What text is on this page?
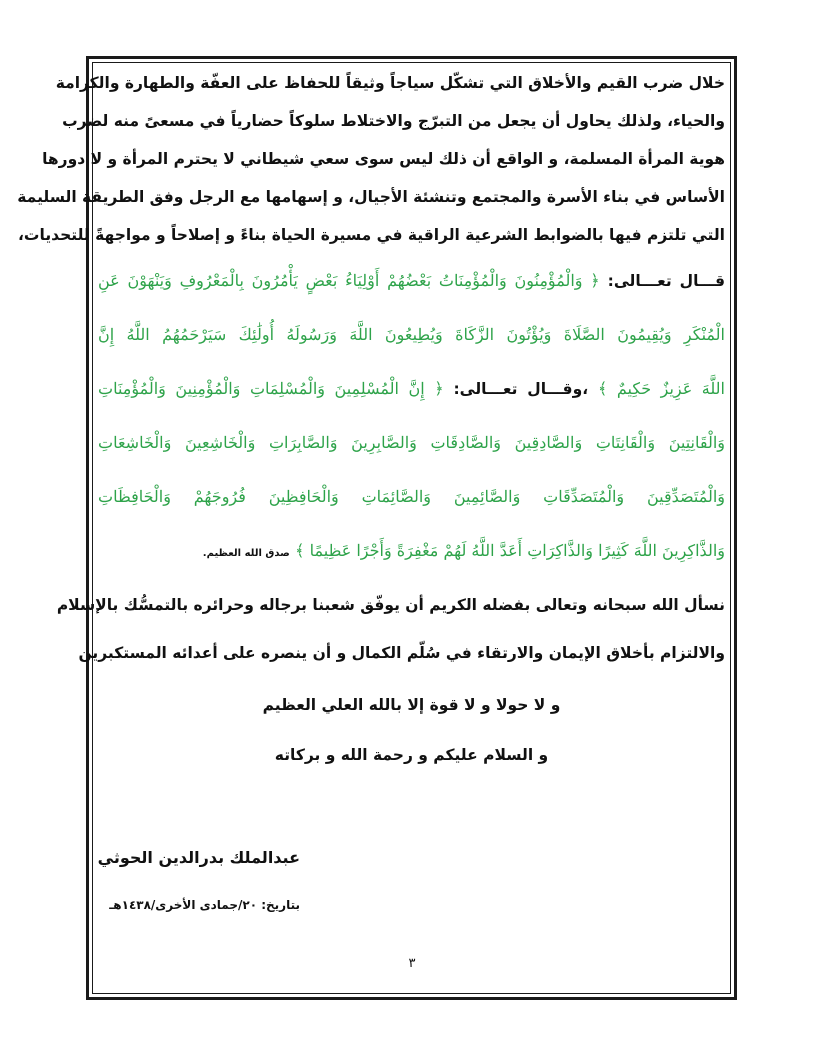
خلال ضرب القيم والأخلاق التي تشكّل سياجاً وثيقاً للحفاظ على العفّة والطهارة والكرامة
والحياء، ولذلك يحاول أن يجعل من التبرّج والاختلاط سلوكاً حضارياً في مسعىً منه لضرب
هوية المرأة المسلمة، و الواقع أن ذلك ليس سوى سعي شيطاني لا يحترم المرأة و لا دورها
الأساس في بناء الأسرة والمجتمع وتنشئة الأجيال، و إسهامها مع الرجل وفق الطريقة السليمة
التي تلتزم فيها بالضوابط الشرعية الراقية في مسيرة الحياة بناءً و إصلاحاً و مواجهةً للتحديات،
قـــال تعـــالى: ﴿ وَالْمُؤْمِنُونَ وَالْمُؤْمِنَاتُ بَعْضُهُمْ أَوْلِيَاءُ بَعْضٍ يَأْمُرُونَ بِالْمَعْرُوفِ وَيَنْهَوْنَ عَنِ
الْمُنْكَرِ وَيُقِيمُونَ الصَّلَاةَ وَيُؤْتُونَ الزَّكَاةَ وَيُطِيعُونَ اللَّهَ وَرَسُولَهُ أُولَٰئِكَ سَيَرْحَمُهُمُ اللَّهُ إِنَّ
اللَّهَ عَزِيزٌ حَكِيمٌ ﴾ ،وقـــال تعـــالى: ﴿ إِنَّ الْمُسْلِمِينَ وَالْمُسْلِمَاتِ وَالْمُؤْمِنِينَ وَالْمُؤْمِنَاتِ
وَالْقَانِتِينَ وَالْقَانِتَاتِ وَالصَّادِقِينَ وَالصَّادِقَاتِ وَالصَّابِرِينَ وَالصَّابِرَاتِ وَالْخَاشِعِينَ وَالْخَاشِعَاتِ
وَالْمُتَصَدِّقِينَ وَالْمُتَصَدِّقَاتِ وَالصَّائِمِينَ وَالصَّائِمَاتِ وَالْحَافِظِينَ فُرُوجَهُمْ وَالْحَافِظَاتِ
وَالذَّاكِرِينَ اللَّهَ كَثِيرًا وَالذَّاكِرَاتِ أَعَدَّ اللَّهُ لَهُمْ مَغْفِرَةً وَأَجْرًا عَظِيمًا ﴾ صدق الله العظيم.
نسأل الله سبحانه وتعالى بفضله الكريم أن يوفّق شعبنا برجاله وحرائره بالتمسُّك بالإسلام
والالتزام بأخلاق الإيمان والارتقاء في سُلّم الكمال و أن ينصره على أعدائه المستكبرين
و لا حولا و لا قوة إلا بالله العلي العظيم
و السلام عليكم و رحمة الله و بركاته
عبدالملك بدرالدين الحوثي
بتاريخ: ٢٠/جمادى الأخرى/١٤٣٨هـ
٣
